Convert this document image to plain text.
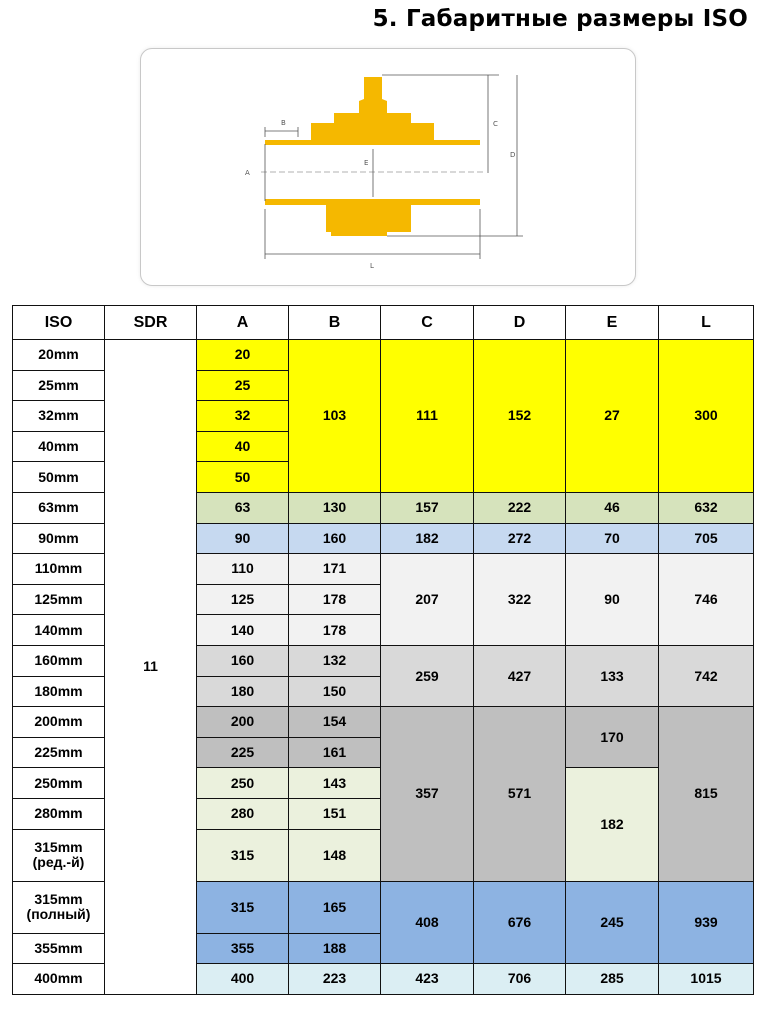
5. Габаритные размеры ISO
A
B	C
D
E
L
ISO	SDR	A	B	C	D	E	L
20mm	11	20	103	111	152	27	300
25mm		25					
32mm		32					
40mm		40					
50mm		50					
63mm		63	130	157	222	46	632
90mm		90	160	182	272	70	705
110mm		110	171	207	322	90	746
125mm		125	178				
140mm		140	178				
160mm		160	132	259	427	133	742
180mm		180	150				
200mm		200	154	357	571	170	815
225mm		225	161				
250mm		250	143			182	
280mm		280	151				
315mm
(ред.-й)		315	148				
315mm
(полный)		315	165	408	676	245	939
355mm		355	188				
400mm		400	223	423	706	285	1015
